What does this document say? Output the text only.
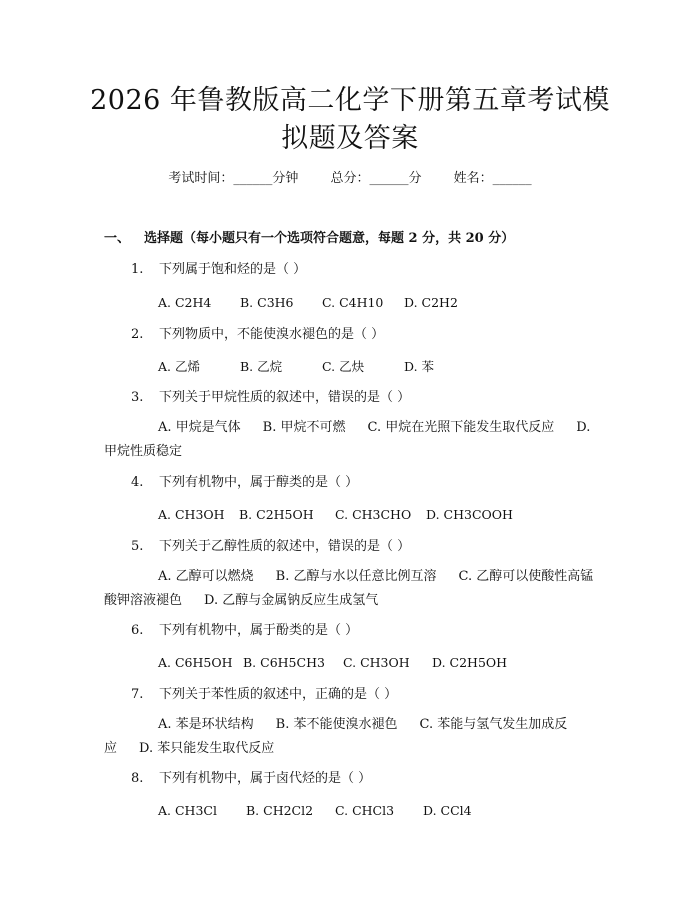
2026 年鲁教版高二化学下册第五章考试模拟题及答案
考试时间：______分钟 总分：______分 姓名：______
一、 选择题（每小题只有一个选项符合题意，每题 2 分，共 20 分）
1. 下列属于饱和烃的是（ ）
A. C2H4 B. C3H6 C. C4H10 D. C2H2
2. 下列物质中，不能使溴水褪色的是（ ）
A. 乙烯	B. 乙烷	C. 乙炔	D. 苯
3. 下列关于甲烷性质的叙述中，错误的是（ ）
A. 甲烷是气体 B. 甲烷不可燃 C. 甲烷在光照下能发生取代反应 D. 甲烷性质稳定
4. 下列有机物中，属于醇类的是（ ）
A. CH3OH B. C2H5OH C. CH3CHO D. CH3COOH
5. 下列关于乙醇性质的叙述中，错误的是（ ）
A. 乙醇可以燃烧 B. 乙醇与水以任意比例互溶 C. 乙醇可以使酸性高锰酸钾溶液褪色 D. 乙醇与金属钠反应生成氢气
6. 下列有机物中，属于酚类的是（ ）
A. C6H5OH B. C6H5CH3 C. CH3OH D. C2H5OH
7. 下列关于苯性质的叙述中，正确的是（ ）
A. 苯是环状结构 B. 苯不能使溴水褪色 C. 苯能与氢气发生加成反应 D. 苯只能发生取代反应
8. 下列有机物中，属于卤代烃的是（ ）
A. CH3Cl B. CH2Cl2 C. CHCl3 D. CCl4
